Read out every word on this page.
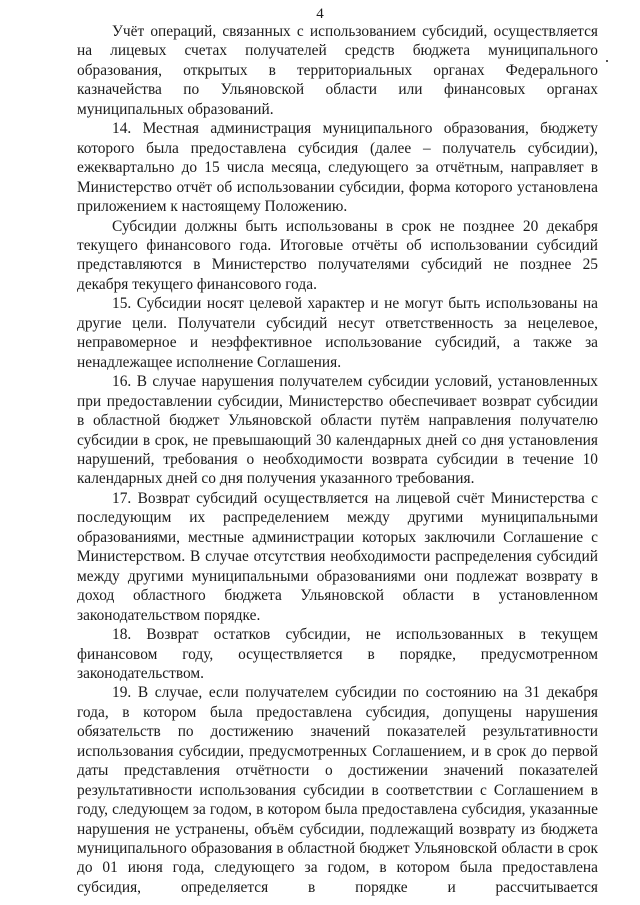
4

Учёт операций, связанных с использованием субсидий, осуществляется на лицевых счетах получателей средств бюджета муниципального образования, открытых в территориальных органах Федерального казначейства по Ульяновской области или финансовых органах муниципальных образований.

14. Местная администрация муниципального образования, бюджету которого была предоставлена субсидия (далее – получатель субсидии), ежеквартально до 15 числа месяца, следующего за отчётным, направляет в Министерство отчёт об использовании субсидии, форма которого установлена приложением к настоящему Положению.

Субсидии должны быть использованы в срок не позднее 20 декабря текущего финансового года. Итоговые отчёты об использовании субсидий представляются в Министерство получателями субсидий не позднее 25 декабря текущего финансового года.

15. Субсидии носят целевой характер и не могут быть использованы на другие цели. Получатели субсидий несут ответственность за нецелевое, неправомерное и неэффективное использование субсидий, а также за ненадлежащее исполнение Соглашения.

16. В случае нарушения получателем субсидии условий, установленных при предоставлении субсидии, Министерство обеспечивает возврат субсидии в областной бюджет Ульяновской области путём направления получателю субсидии в срок, не превышающий 30 календарных дней со дня установления нарушений, требования о необходимости возврата субсидии в течение 10 календарных дней со дня получения указанного требования.

17. Возврат субсидий осуществляется на лицевой счёт Министерства с последующим их распределением между другими муниципальными образованиями, местные администрации которых заключили Соглашение с Министерством. В случае отсутствия необходимости распределения субсидий между другими муниципальными образованиями они подлежат возврату в доход областного бюджета Ульяновской области в установленном законодательством порядке.

18. Возврат остатков субсидии, не использованных в текущем финансовом году, осуществляется в порядке, предусмотренном законодательством.

19. В случае, если получателем субсидии по состоянию на 31 декабря года, в котором была предоставлена субсидия, допущены нарушения обязательств по достижению значений показателей результативности использования субсидии, предусмотренных Соглашением, и в срок до первой даты представления отчётности о достижении значений показателей результативности использования субсидии в соответствии с Соглашением в году, следующем за годом, в котором была предоставлена субсидия, указанные нарушения не устранены, объём субсидии, подлежащий возврату из бюджета муниципального образования в областной бюджет Ульяновской области в срок до 01 июня года, следующего за годом, в котором была предоставлена субсидия, определяется в порядке и рассчитывается
